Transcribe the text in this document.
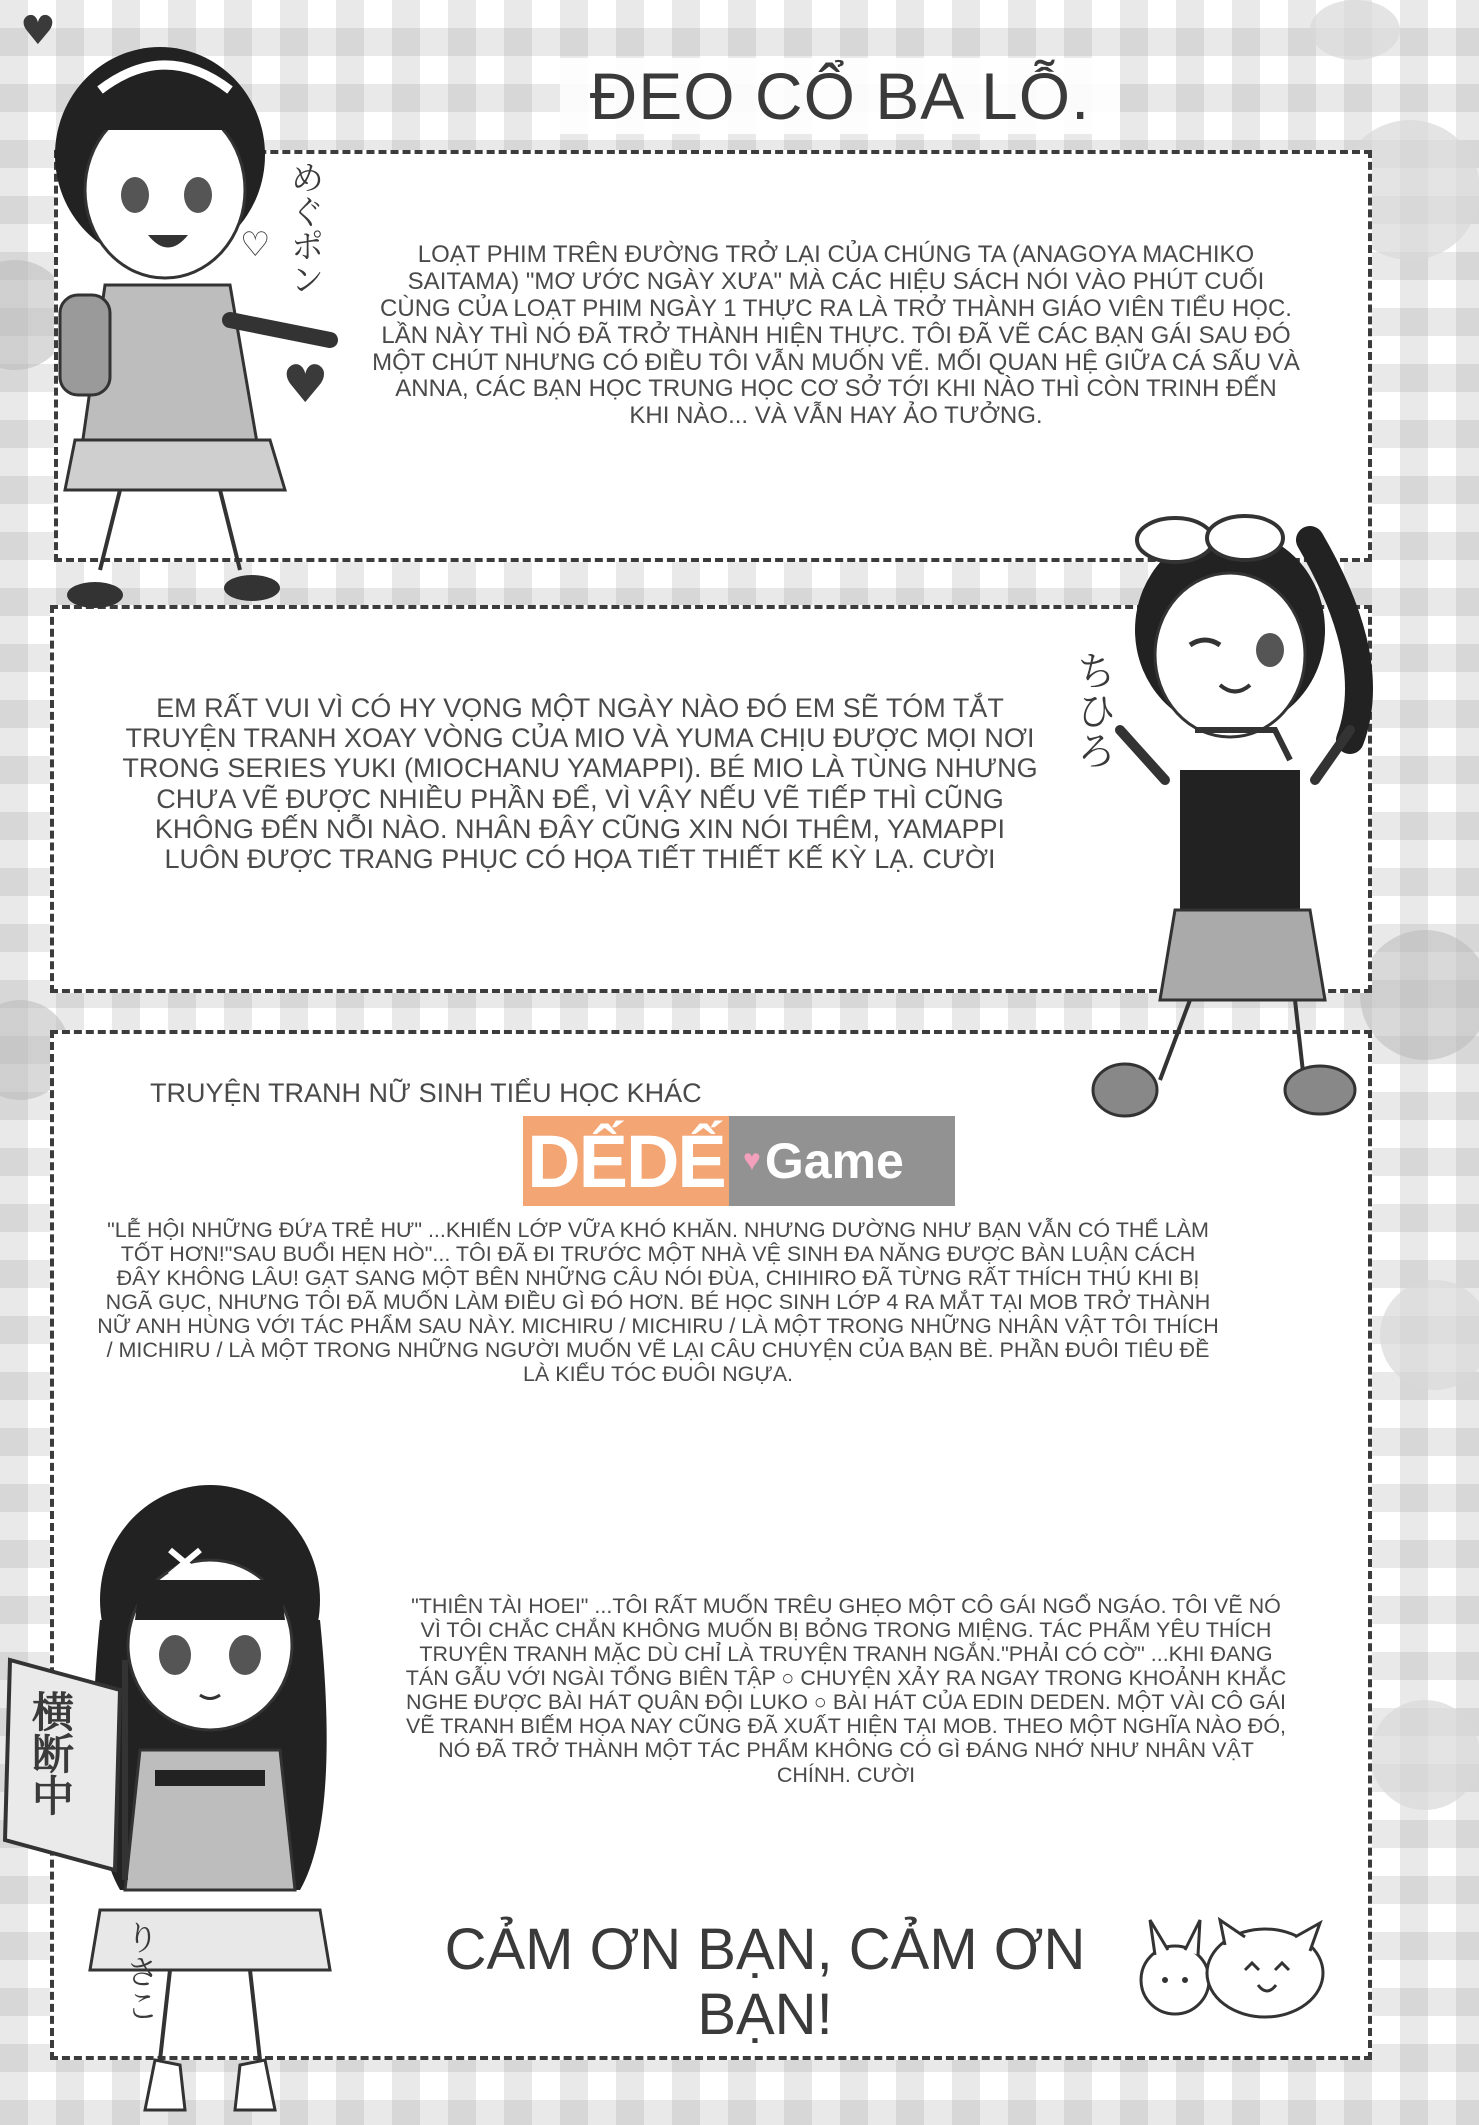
ĐEO CỔ BA LỖ.

LOẠT PHIM TRÊN ĐƯỜNG TRỞ LẠI CỦA CHÚNG TA (ANAGOYA MACHIKO SAITAMA) "MƠ ƯỚC NGÀY XƯA" MÀ CÁC HIỆU SÁCH NÓI VÀO PHÚT CUỐI CÙNG CỦA LOẠT PHIM NGÀY 1 THỰC RA LÀ TRỞ THÀNH GIÁO VIÊN TIỂU HỌC. LẦN NÀY THÌ NÓ ĐÃ TRỞ THÀNH HIỆN THỰC. TÔI ĐÃ VẼ CÁC BẠN GÁI SAU ĐÓ MỘT CHÚT NHƯNG CÓ ĐIỀU TÔI VẪN MUỐN VẼ. MỐI QUAN HỆ GIỮA CÁ SẤU VÀ ANNA, CÁC BẠN HỌC TRUNG HỌC CƠ SỞ TỚI KHI NÀO THÌ CÒN TRINH ĐẾN KHI NÀO... VÀ VẪN HAY ẢO TƯỞNG.

EM RẤT VUI VÌ CÓ HY VỌNG MỘT NGÀY NÀO ĐÓ EM SẼ TÓM TẮT TRUYỆN TRANH XOAY VÒNG CỦA MIO VÀ YUMA CHỊU ĐƯỢC MỌI NƠI TRONG SERIES YUKI (MIOCHANU YAMAPPI). BÉ MIO LÀ TÙNG NHƯNG CHƯA VẼ ĐƯỢC NHIỀU PHẦN ĐỂ, VÌ VẬY NẾU VẼ TIẾP THÌ CŨNG KHÔNG ĐẾN NỖI NÀO. NHÂN ĐÂY CŨNG XIN NÓI THÊM, YAMAPPI LUÔN ĐƯỢC TRANG PHỤC CÓ HỌA TIẾT THIẾT KẾ KỲ LẠ. CƯỜI

TRUYỆN TRANH NỮ SINH TIỂU HỌC KHÁC

DẾDẾ ♥ Game

"LỄ HỘI NHỮNG ĐỨA TRẺ HƯ" ...KHIẾN LỚP VỮA KHÓ KHĂN. NHƯNG DƯỜNG NHƯ BẠN VẪN CÓ THỂ LÀM TỐT HƠN!"SAU BUỔI HẸN HÒ"... TÔI ĐÃ ĐI TRƯỚC MỘT NHÀ VỆ SINH ĐA NĂNG ĐƯỢC BÀN LUẬN CÁCH ĐÂY KHÔNG LÂU! GẠT SANG MỘT BÊN NHỮNG CÂU NÓI ĐÙA, CHIHIRO ĐÃ TỪNG RẤT THÍCH THÚ KHI BỊ NGÃ GỤC, NHƯNG TÔI ĐÃ MUỐN LÀM ĐIỀU GÌ ĐÓ HƠN. BÉ HỌC SINH LỚP 4 RA MẮT TẠI MOB TRỞ THÀNH NỮ ANH HÙNG VỚI TÁC PHẨM SAU NÀY. MICHIRU / MICHIRU / LÀ MỘT TRONG NHỮNG NHÂN VẬT TÔI THÍCH / MICHIRU / LÀ MỘT TRONG NHỮNG NGƯỜI MUỐN VẼ LẠI CÂU CHUYỆN CỦA BẠN BÈ. PHẦN ĐUÔI TIÊU ĐỀ LÀ KIỂU TÓC ĐUÔI NGỰA.

"THIÊN TÀI HOEI" ...TÔI RẤT MUỐN TRÊU GHẸO MỘT CÔ GÁI NGỔ NGÁO. TÔI VẼ NÓ VÌ TÔI CHẮC CHẮN KHÔNG MUỐN BỊ BỎNG TRONG MIỆNG. TÁC PHẨM YÊU THÍCH TRUYỆN TRANH MẶC DÙ CHỈ LÀ TRUYỆN TRANH NGẮN."PHẢI CÓ CỜ" ...KHI ĐANG TÁN GẪU VỚI NGÀI TỔNG BIÊN TẬP ○ CHUYỆN XẢY RA NGAY TRONG KHOẢNH KHẮC NGHE ĐƯỢC BÀI HÁT QUÂN ĐỘI LUKO ○ BÀI HÁT CỦA EDIN DEDEN. MỘT VÀI CÔ GÁI VẼ TRANH BIẾM HỌA NAY CŨNG ĐÃ XUẤT HIỆN TẠI MOB. THEO MỘT NGHĨA NÀO ĐÓ, NÓ ĐÃ TRỞ THÀNH MỘT TÁC PHẨM KHÔNG CÓ GÌ ĐÁNG NHỚ NHƯ NHÂN VẬT CHÍNH. CƯỜI

CẢM ƠN BẠN, CẢM ƠN BẠN!

めぐポン
♡
♥
♥
ちひろ
横断中
りさこ
